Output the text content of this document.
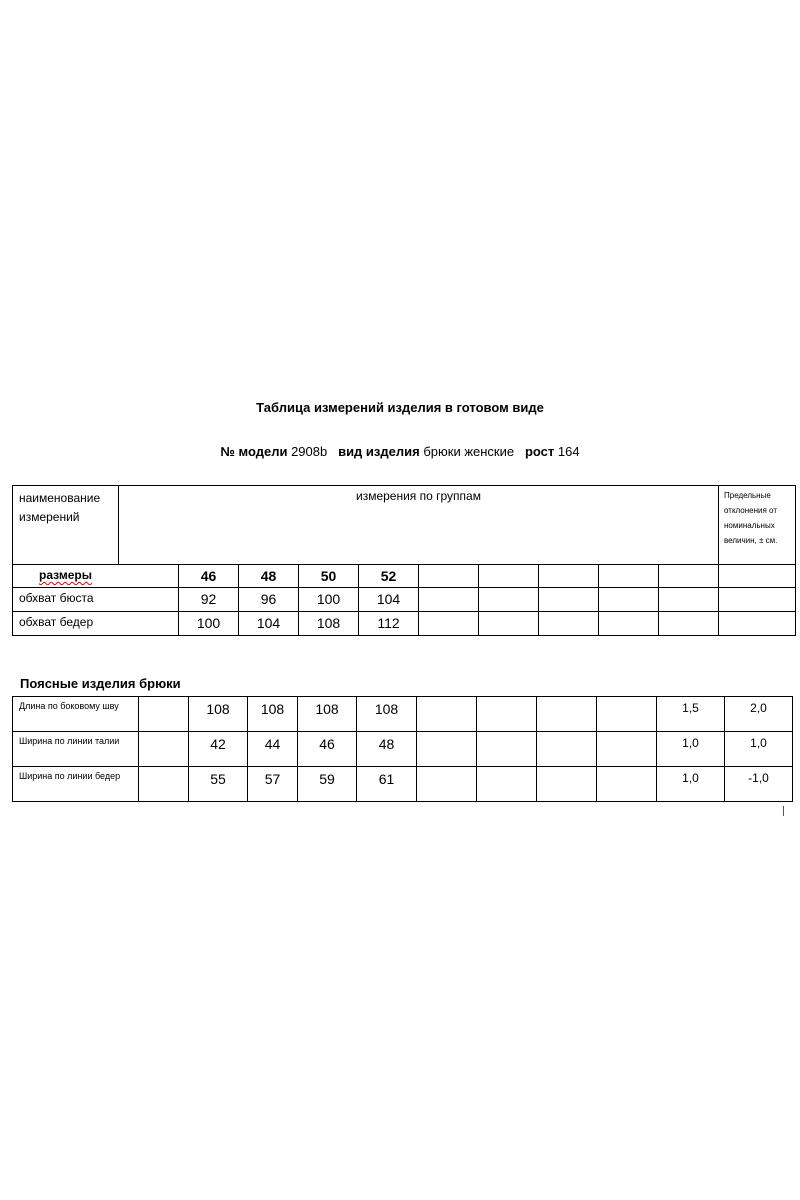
Таблица измерений изделия в готовом виде
№ модели 2908b вид изделия брюки женские рост 164
наименование измерений	измерения по группам										Предельные отклонения от номинальных величин, ± см.
размеры		46	48	50	52						
обхват бюста		92	96	100	104						
обхват бедер		100	104	108	112						
Поясные изделия брюки
Длина по боковому шву		108	108	108	108					1,5	2,0
Ширина по линии талии		42	44	46	48					1,0	1,0
Ширина по линии бедер		55	57	59	61					1,0	-1,0
